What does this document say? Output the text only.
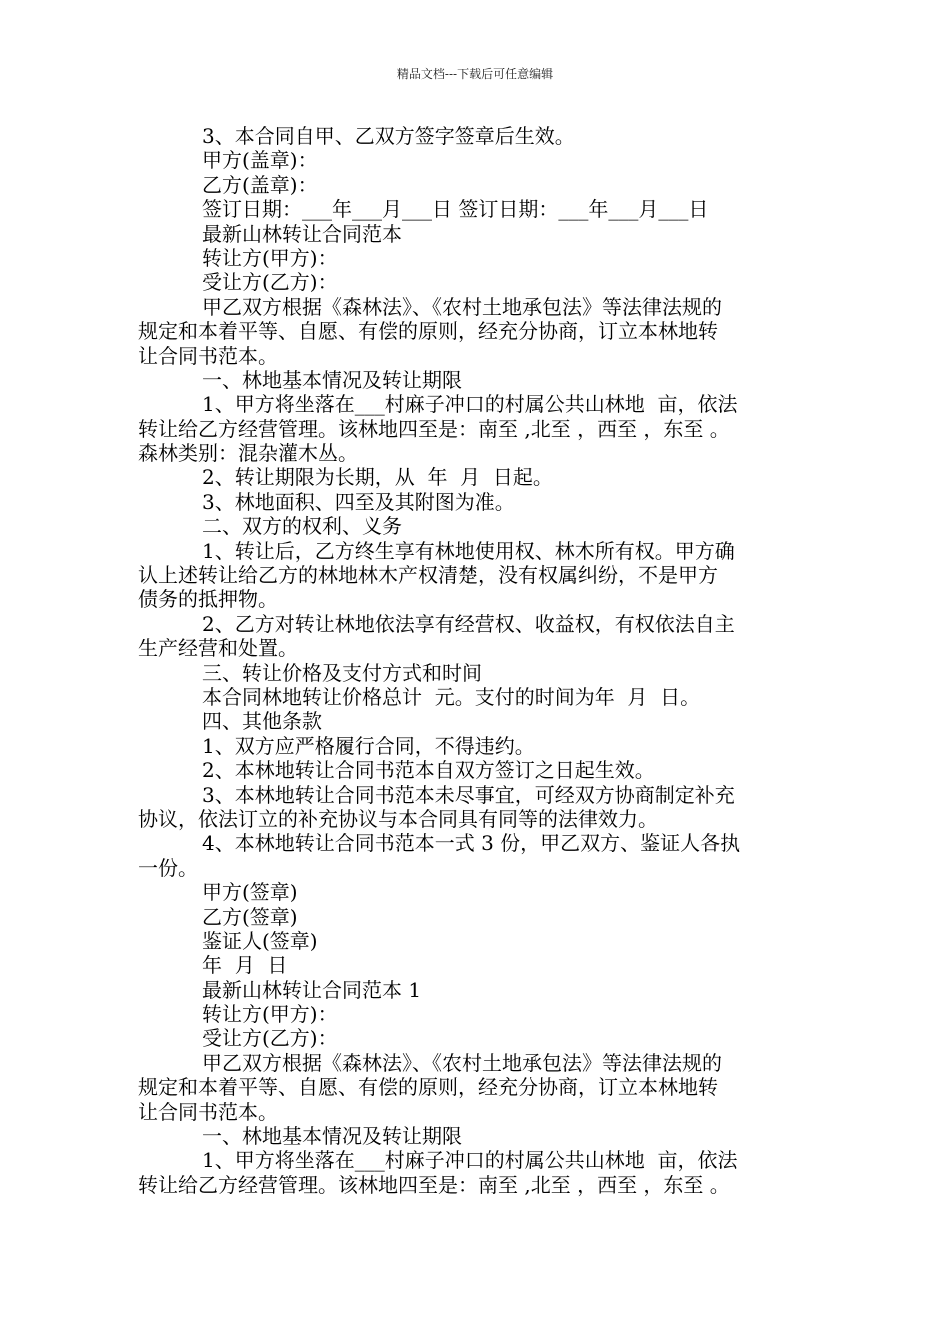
精品文档---下载后可任意编辑
3、本合同自甲、乙双方签字签章后生效。
甲方(盖章)：
乙方(盖章)：
签订日期：___年___月___日 签订日期：___年___月___日
最新山林转让合同范本
转让方(甲方)：
受让方(乙方)：
甲乙双方根据《森林法》、《农村土地承包法》等法律法规的
规定和本着平等、自愿、有偿的原则，经充分协商，订立本林地转
让合同书范本。
一、林地基本情况及转让期限
1、甲方将坐落在___村麻子冲口的村属公共山林地  亩，依法
转让给乙方经营管理。该林地四至是：南至 ,北至 ，西至 ，东至 。
森林类别：混杂灌木丛。
2、转让期限为长期，从  年  月  日起。
3、林地面积、四至及其附图为准。
二、双方的权利、义务
1、转让后，乙方终生享有林地使用权、林木所有权。甲方确
认上述转让给乙方的林地林木产权清楚，没有权属纠纷，不是甲方
债务的抵押物。
2、乙方对转让林地依法享有经营权、收益权，有权依法自主
生产经营和处置。
三、转让价格及支付方式和时间
本合同林地转让价格总计  元。支付的时间为年  月  日。
四、其他条款
1、双方应严格履行合同，不得违约。
2、本林地转让合同书范本自双方签订之日起生效。
3、本林地转让合同书范本未尽事宜，可经双方协商制定补充
协议，依法订立的补充协议与本合同具有同等的法律效力。
4、本林地转让合同书范本一式 3 份，甲乙双方、鉴证人各执
一份。
甲方(签章)
乙方(签章)
鉴证人(签章)
年  月  日
最新山林转让合同范本 1
转让方(甲方)：
受让方(乙方)：
甲乙双方根据《森林法》、《农村土地承包法》等法律法规的
规定和本着平等、自愿、有偿的原则，经充分协商，订立本林地转
让合同书范本。
一、林地基本情况及转让期限
1、甲方将坐落在___村麻子冲口的村属公共山林地  亩，依法
转让给乙方经营管理。该林地四至是：南至 ,北至 ，西至 ，东至 。
